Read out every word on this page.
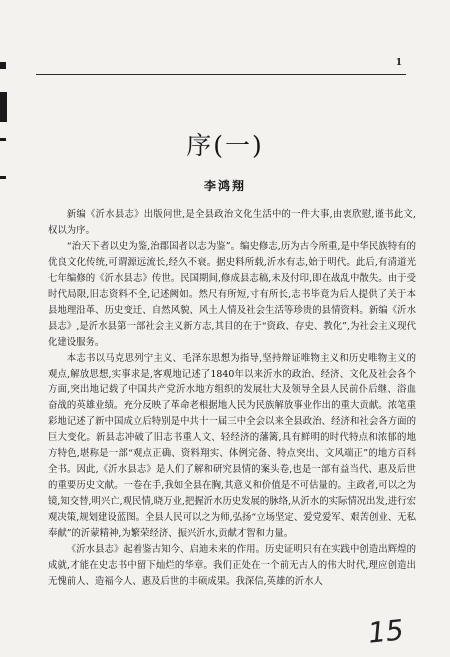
1
序(一)
李鸿翔

新编《沂水县志》出版问世,是全县政治文化生活中的一件大事,由衷欣慰,谨书此文,权以为序。

“治天下者以史为鉴,治郡国者以志为鉴”。编史修志,历为古今所重,是中华民族特有的优良文化传统,可谓源远流长,经久不衰。据史料所载,沂水有志,始于明代。此后,有清道光七年编修的《沂水县志》传世。民国期间,修成县志稿,未及付印,即在战乱中散失。由于受时代局限,旧志资料不全,记述阙如。然尺有所短,寸有所长,志书毕竟为后人提供了关于本县地理沿革、历史变迁、自然风貌、风土人情及社会生活等珍贵的县情资料。新编《沂水县志》,是沂水县第一部社会主义新方志,其目的在于“资政、存史、教化”,为社会主义现代化建设服务。

本志书以马克思列宁主义、毛泽东思想为指导,坚持辩证唯物主义和历史唯物主义的观点,解放思想,实事求是,客观地记述了1840年以来沂水的政治、经济、文化及社会各个方面,突出地记载了中国共产党沂水地方组织的发展壮大及领导全县人民前仆后继、浴血奋战的英雄业绩。充分反映了革命老根据地人民为民族解放事业作出的重大贡献。浓笔重彩地记述了新中国成立后特别是中共十一届三中全会以来全县政治、经济和社会各方面的巨大变化。新县志冲破了旧志书重人文、轻经济的藩篱,具有鲜明的时代特点和浓郁的地方特色,堪称是一部“观点正确、资料翔实、体例完备、特点突出、文风端正”的地方百科全书。因此,《沂水县志》是人们了解和研究县情的案头卷,也是一部有益当代、惠及后世的重要历史文献。一卷在手,我如全县在胸,其意义和价值是不可估量的。主政者,可以之为镜,知交替,明兴亡,观民情,晓万业,把握沂水历史发展的脉络,从沂水的实际情况出发,进行宏观决策,规划建设蓝图。全县人民可以之为师,弘扬“立场坚定、爱党爱军、艰苦创业、无私奉献”的沂蒙精神,为繁荣经济、振兴沂水,贡献才智和力量。

《沂水县志》起着鉴古知今、启迪未来的作用。历史证明只有在实践中创造出辉煌的成就,才能在史志书中留下灿烂的华章。我们正处在一个前无古人的伟大时代,理应创造出无愧前人、造福今人、惠及后世的丰硕成果。我深信,英雄的沂水人

15
